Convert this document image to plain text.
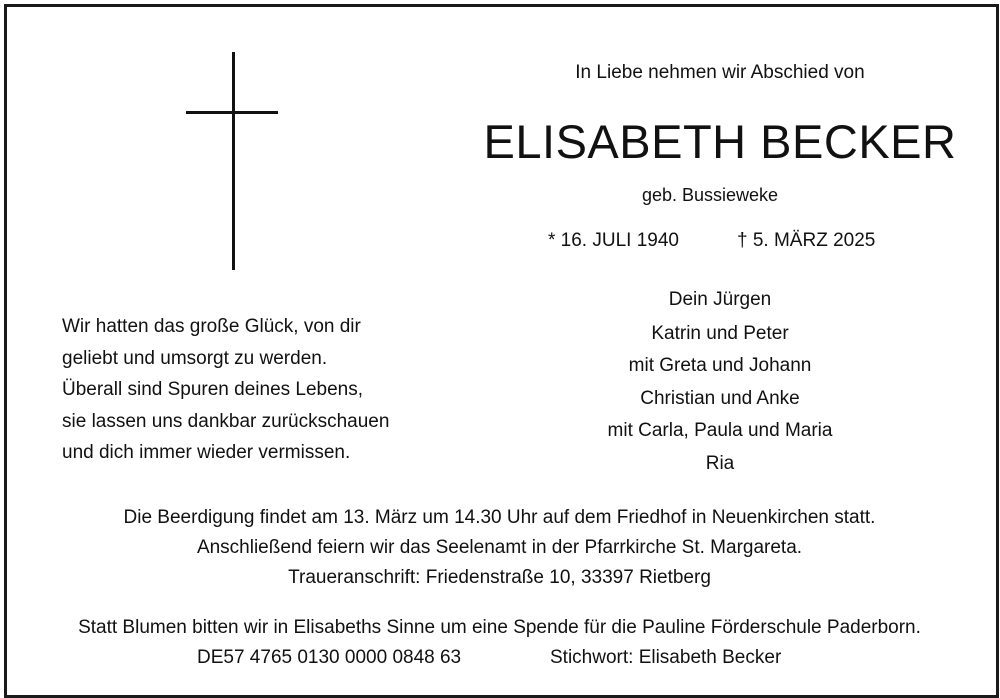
In Liebe nehmen wir Abschied von
ELISABETH BECKER
geb. Bussieweke
* 16. JULI 1940	† 5. MÄRZ 2025
Wir hatten das große Glück, von dir
geliebt und umsorgt zu werden.
Überall sind Spuren deines Lebens,
sie lassen uns dankbar zurückschauen
und dich immer wieder vermissen.
Dein Jürgen
Katrin und Peter
mit Greta und Johann
Christian und Anke
mit Carla, Paula und Maria
Ria
Die Beerdigung findet am 13. März um 14.30 Uhr auf dem Friedhof in Neuenkirchen statt.
Anschließend feiern wir das Seelenamt in der Pfarrkirche St. Margareta.
Traueranschrift: Friedenstraße 10, 33397 Rietberg
Statt Blumen bitten wir in Elisabeths Sinne um eine Spende für die Pauline Förderschule Paderborn.
DE57 4765 0130 0000 0848 63	Stichwort: Elisabeth Becker
